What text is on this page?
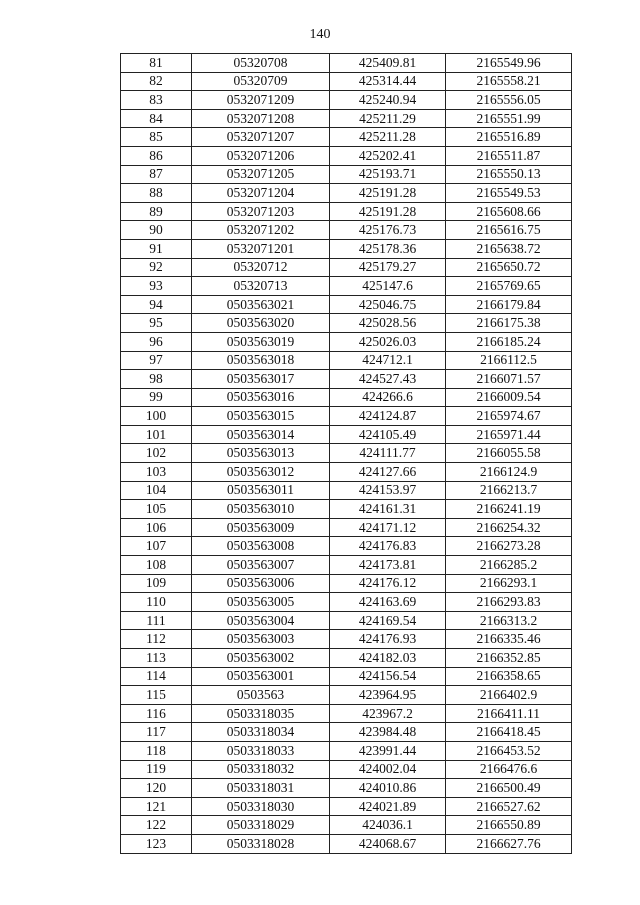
140
81	05320708	425409.81	2165549.96
82	05320709	425314.44	2165558.21
83	0532071209	425240.94	2165556.05
84	0532071208	425211.29	2165551.99
85	0532071207	425211.28	2165516.89
86	0532071206	425202.41	2165511.87
87	0532071205	425193.71	2165550.13
88	0532071204	425191.28	2165549.53
89	0532071203	425191.28	2165608.66
90	0532071202	425176.73	2165616.75
91	0532071201	425178.36	2165638.72
92	05320712	425179.27	2165650.72
93	05320713	425147.6	2165769.65
94	0503563021	425046.75	2166179.84
95	0503563020	425028.56	2166175.38
96	0503563019	425026.03	2166185.24
97	0503563018	424712.1	2166112.5
98	0503563017	424527.43	2166071.57
99	0503563016	424266.6	2166009.54
100	0503563015	424124.87	2165974.67
101	0503563014	424105.49	2165971.44
102	0503563013	424111.77	2166055.58
103	0503563012	424127.66	2166124.9
104	0503563011	424153.97	2166213.7
105	0503563010	424161.31	2166241.19
106	0503563009	424171.12	2166254.32
107	0503563008	424176.83	2166273.28
108	0503563007	424173.81	2166285.2
109	0503563006	424176.12	2166293.1
110	0503563005	424163.69	2166293.83
111	0503563004	424169.54	2166313.2
112	0503563003	424176.93	2166335.46
113	0503563002	424182.03	2166352.85
114	0503563001	424156.54	2166358.65
115	0503563	423964.95	2166402.9
116	0503318035	423967.2	2166411.11
117	0503318034	423984.48	2166418.45
118	0503318033	423991.44	2166453.52
119	0503318032	424002.04	2166476.6
120	0503318031	424010.86	2166500.49
121	0503318030	424021.89	2166527.62
122	0503318029	424036.1	2166550.89
123	0503318028	424068.67	2166627.76
